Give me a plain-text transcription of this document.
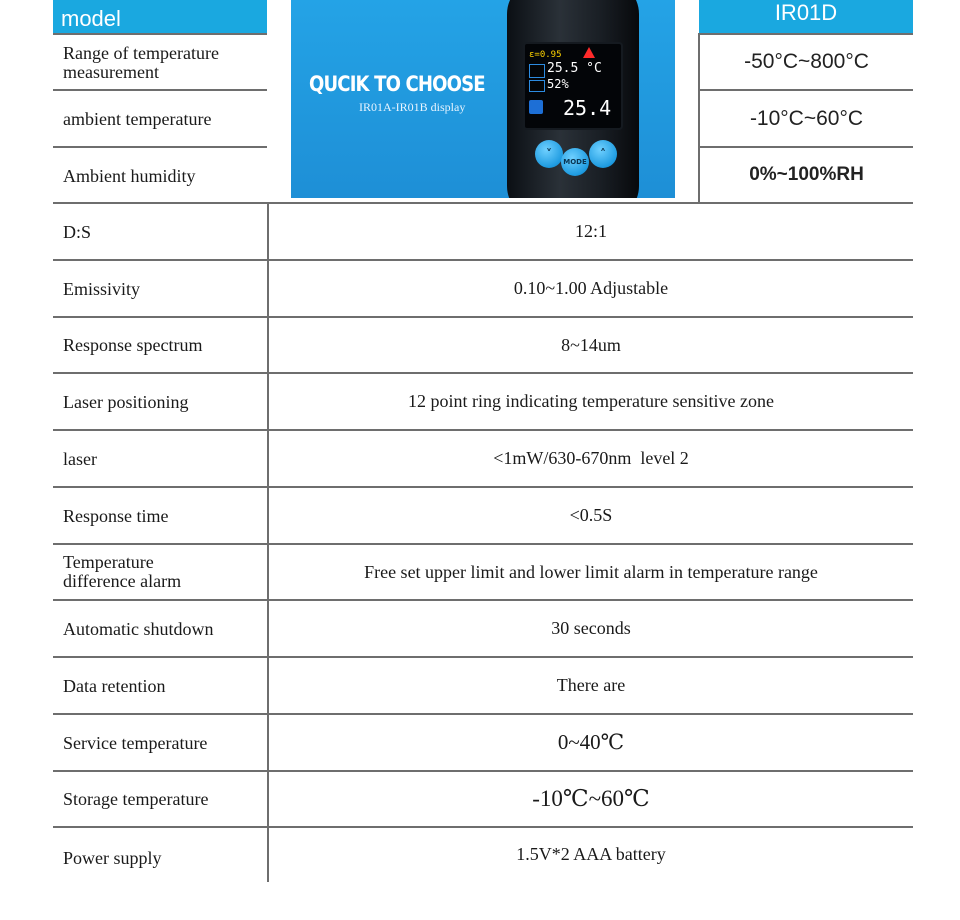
model	IR01D
QUCIK TO CHOOSE
IR01A-IR01B display
ε=0.95
25.5 °C
52%
25.4
˅
MODE
˄
Range of temperature measurement	-50°C~800°C
ambient temperature	-10°C~60°C
Ambient humidity	0%~100%RH
D:S	12:1
Emissivity	0.10~1.00 Adjustable
Response spectrum	8~14um
Laser positioning	12 point ring indicating temperature sensitive zone
laser	<1mW/630-670nm  level 2
Response time	<0.5S
Temperature difference alarm	Free set upper limit and lower limit alarm in temperature range
Automatic shutdown	30 seconds
Data retention	There are
Service temperature	0~40℃
Storage temperature	-10℃~60℃
Power supply	1.5V*2 AAA battery
